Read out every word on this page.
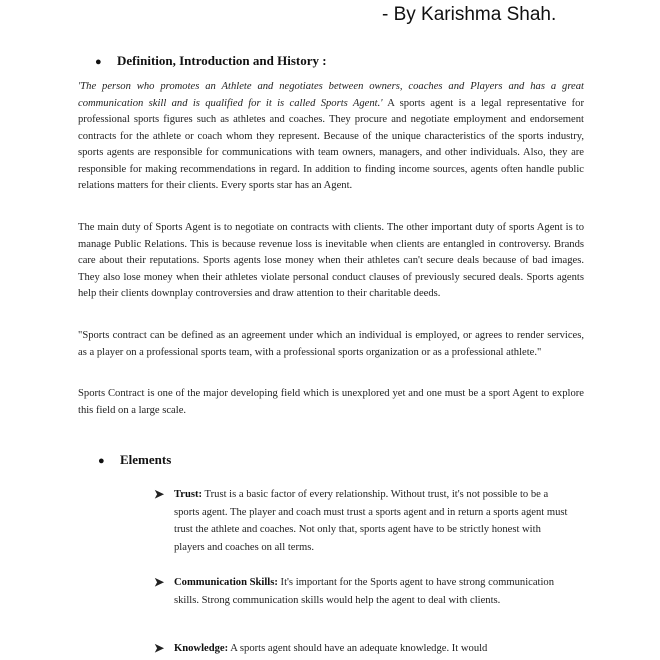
- By Karishma Shah.
● Definition, Introduction and History :

'The person who promotes an Athlete and negotiates between owners, coaches and Players and has a great communication skill and is qualified for it is called Sports Agent.' A sports agent is a legal representative for professional sports figures such as athletes and coaches. They procure and negotiate employment and endorsement contracts for the athlete or coach whom they represent. Because of the unique characteristics of the sports industry, sports agents are responsible for communications with team owners, managers, and other individuals. Also, they are responsible for making recommendations in regard. In addition to finding income sources, agents often handle public relations matters for their clients. Every sports star has an Agent.

The main duty of Sports Agent is to negotiate on contracts with clients. The other important duty of sports Agent is to manage Public Relations. This is because revenue loss is inevitable when clients are entangled in controversy. Brands care about their reputations. Sports agents lose money when their athletes can't secure deals because of bad images. They also lose money when their athletes violate personal conduct clauses of previously secured deals. Sports agents help their clients downplay controversies and draw attention to their charitable deeds.

"Sports contract can be defined as an agreement under which an individual is employed, or agrees to render services, as a player on a professional sports team, with a professional sports organization or as a professional athlete."

Sports Contract is one of the major developing field which is unexplored yet and one must be a sport Agent to explore this field on a large scale.

● Elements

➤ Trust: Trust is a basic factor of every relationship. Without trust, it's not possible to be a sports agent. The player and coach must trust a sports agent and in return a sports agent must trust the athlete and coaches. Not only that, sports agent have to be strictly honest with players and coaches on all terms.

➤ Communication Skills: It's important for the Sports agent to have strong communication skills. Strong communication skills would help the agent to deal with clients.

➤ Knowledge: A sports agent should have an adequate knowledge. It would
